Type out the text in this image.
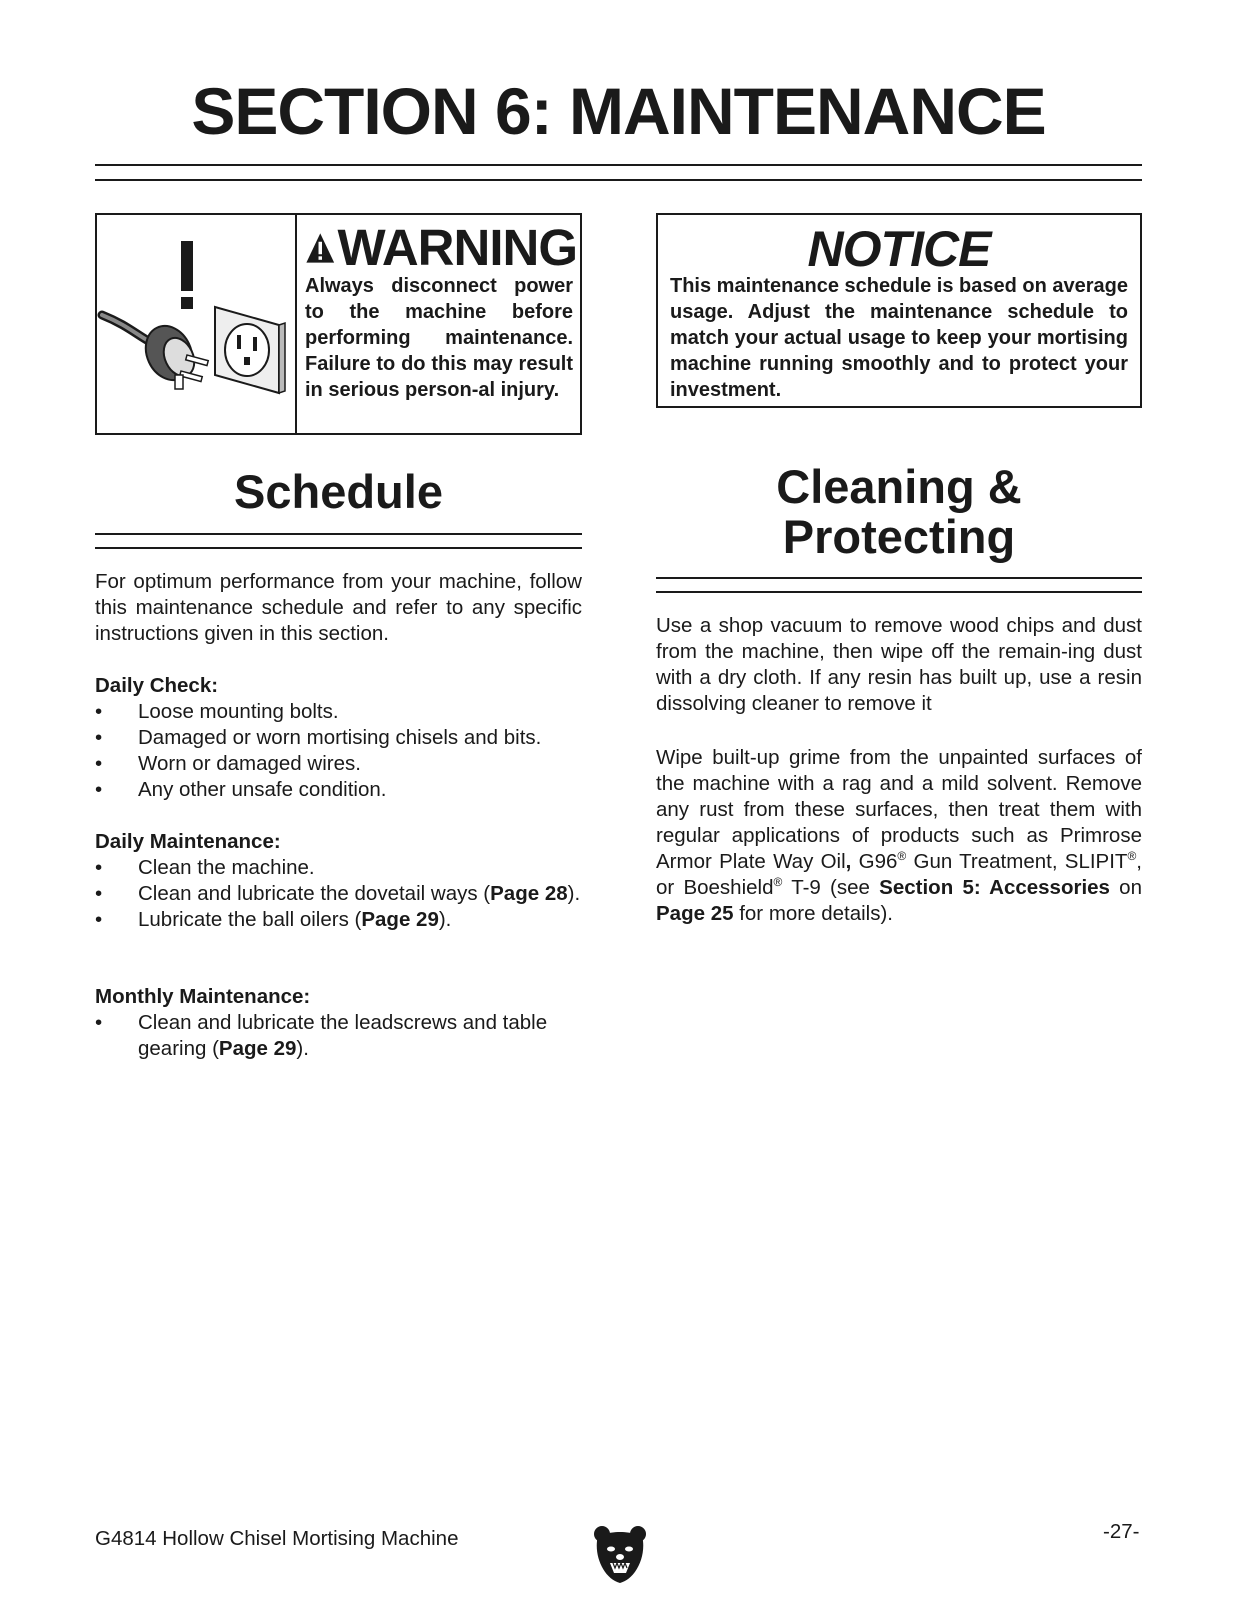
SECTION 6: MAINTENANCE
WARNING

Always disconnect power to the machine before performing maintenance. Failure to do this may result in serious person-al injury.

NOTICE

This maintenance schedule is based on average usage. Adjust the maintenance schedule to match your actual usage to keep your mortising machine running smoothly and to protect your investment.

Schedule

For optimum performance from your machine, follow this maintenance schedule and refer to any specific instructions given in this section.

Daily Check:

• Loose mounting bolts.
• Damaged or worn mortising chisels and bits.
• Worn or damaged wires.
• Any other unsafe condition.

Daily Maintenance:

• Clean the machine.
• Clean and lubricate the dovetail ways (Page 28).
• Lubricate the ball oilers (Page 29).

Monthly Maintenance:

• Clean and lubricate the leadscrews and table gearing (Page 29).
Cleaning &
Protecting

Use a shop vacuum to remove wood chips and dust from the machine, then wipe off the remain-ing dust with a dry cloth. If any resin has built up, use a resin dissolving cleaner to remove it

Wipe built-up grime from the unpainted surfaces of the machine with a rag and a mild solvent. Remove any rust from these surfaces, then treat them with regular applications of products such as Primrose Armor Plate Way Oil, G96® Gun Treatment, SLIPIT®, or Boeshield® T-9 (see Section 5: Accessories on Page 25 for more details).

G4814 Hollow Chisel Mortising Machine	-27-
